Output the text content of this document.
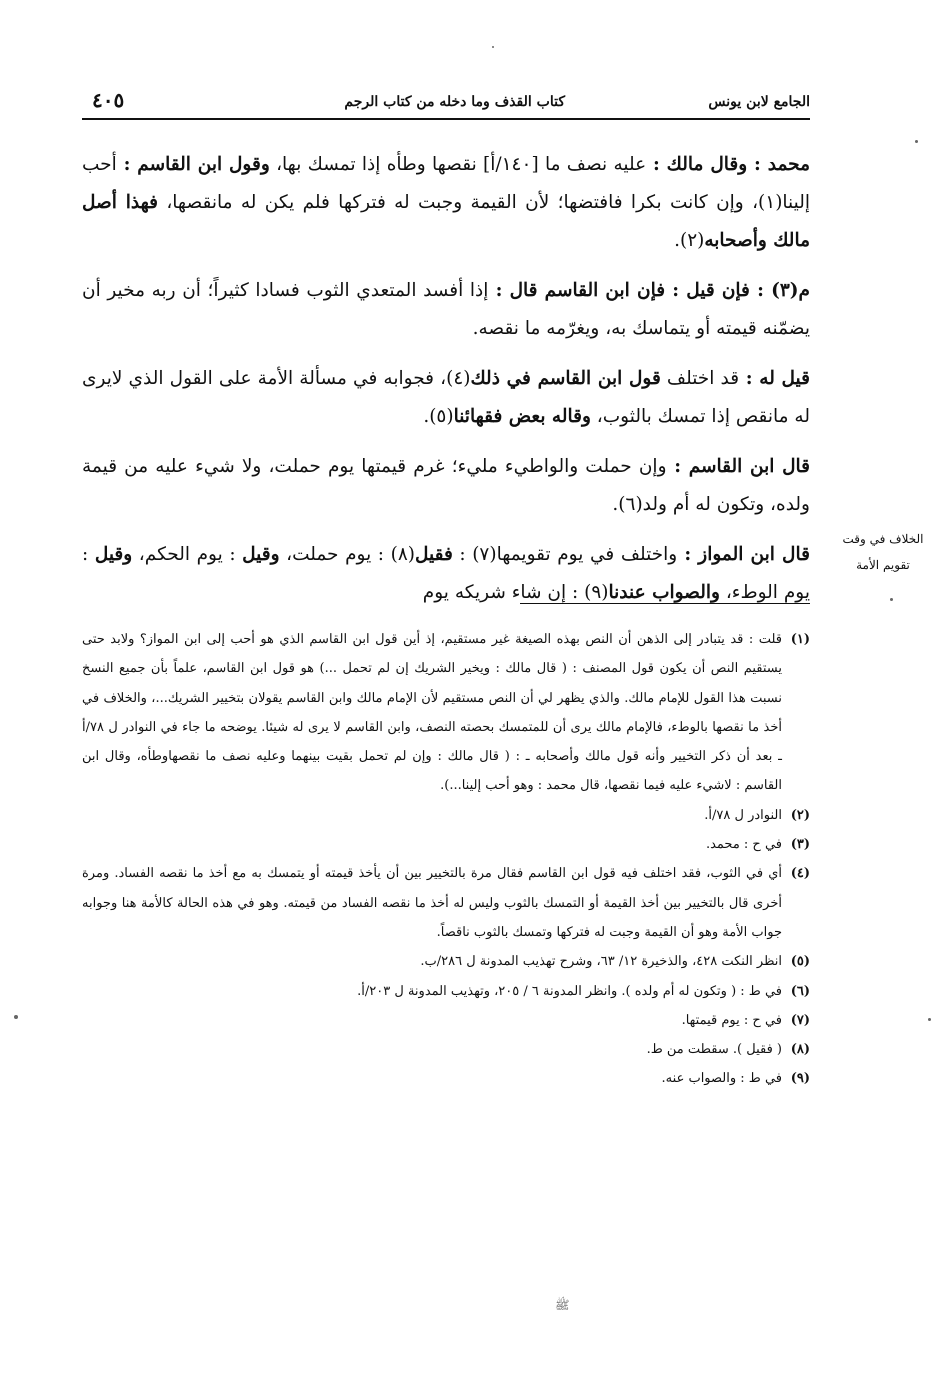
الجامع لابن يونس
كتاب القذف وما دخله من كتاب الرجم
٤٠٥

محمد : وقال مالك : عليه نصف ما [١٤٠/أ] نقصها وطأه إذا تمسك بها، وقول ابن القاسم : أحب إلينا(١)، وإن كانت بكرا فافتضها؛ لأن القيمة وجبت له فتركها فلم يكن له مانقصها، فهذا أصل مالك وأصحابه(٢).

م(٣) : فإن قيل : فإن ابن القاسم قال : إذا أفسد المتعدي الثوب فسادا كثيراً؛ أن ربه مخير أن يضمّنه قيمته أو يتماسك به، ويغرّمه ما نقصه.

قيل له : قد اختلف قول ابن القاسم في ذلك(٤)، فجوابه في مسألة الأمة على القول الذي لايرى له مانقص إذا تمسك بالثوب، وقاله بعض فقهائنا(٥).

قال ابن القاسم : وإن حملت والواطيء مليء؛ غرم قيمتها يوم حملت، ولا شيء عليه من قيمة ولده، وتكون له أم ولد(٦).

قال ابن المواز : واختلف في يوم تقويمها(٧) : فقيل(٨) : يوم حملت، وقيل : يوم الحكم، وقيل : يوم الوطء، والصواب عندنا(٩) : إن شاء شريكه يوم

الخلاف في وقت
تقويم الأمة

(١)قلت : قد يتبادر إلى الذهن أن النص بهذه الصيغة غير مستقيم، إذ أين قول ابن القاسم الذي هو أحب إلى ابن المواز؟ ولابد حتى يستقيم النص أن يكون قول المصنف : ( قال مالك : ويخير الشريك إن لم تحمل ...) هو قول ابن القاسم، علماً بأن جميع النسخ نسبت هذا القول للإمام مالك. والذي يظهر لي أن النص مستقيم لأن الإمام مالك وابن القاسم يقولان بتخيير الشريك...، والخلاف في أخذ ما نقصها بالوطء، فالإمام مالك يرى أن للمتمسك بحصته النصف، وابن القاسم لا يرى له شيئا. يوضحه ما جاء في النوادر ل ٧٨/أ ـ بعد أن ذكر التخيير وأنه قول مالك وأصحابه ـ : ( قال مالك : وإن لم تحمل بقيت بينهما وعليه نصف ما نقصهاوطأه، وقال ابن القاسم : لاشيء عليه فيما نقصها، قال محمد : وهو أحب إلينا...).

(٢)النوادر ل ٧٨/أ.

(٣)في ح : محمد.

(٤)أي في الثوب، فقد اختلف فيه قول ابن القاسم فقال مرة بالتخيير بين أن يأخذ قيمته أو يتمسك به مع أخذ ما نقصه الفساد. ومرة أخرى قال بالتخيير بين أخذ القيمة أو التمسك بالثوب وليس له أخذ ما نقصه الفساد من قيمته. وهو في هذه الحالة كالأمة هنا وجوابه جواب الأمة وهو أن القيمة وجبت له فتركها وتمسك بالثوب ناقصاً.

(٥)انظر النكت ٤٢٨، والذخيرة ١٢/ ٦٣، وشرح تهذيب المدونة ل ٢٨٦/ب.

(٦)في ط : ( وتكون له أم ولده ). وانظر المدونة ٦ / ٢٠٥، وتهذيب المدونة ل ٢٠٣/أ.

(٧)في ح : يوم قيمتها.

(٨)( فقيل ). سقطت من ط.

(٩)في ط : والصواب عنه.

ﷺ
